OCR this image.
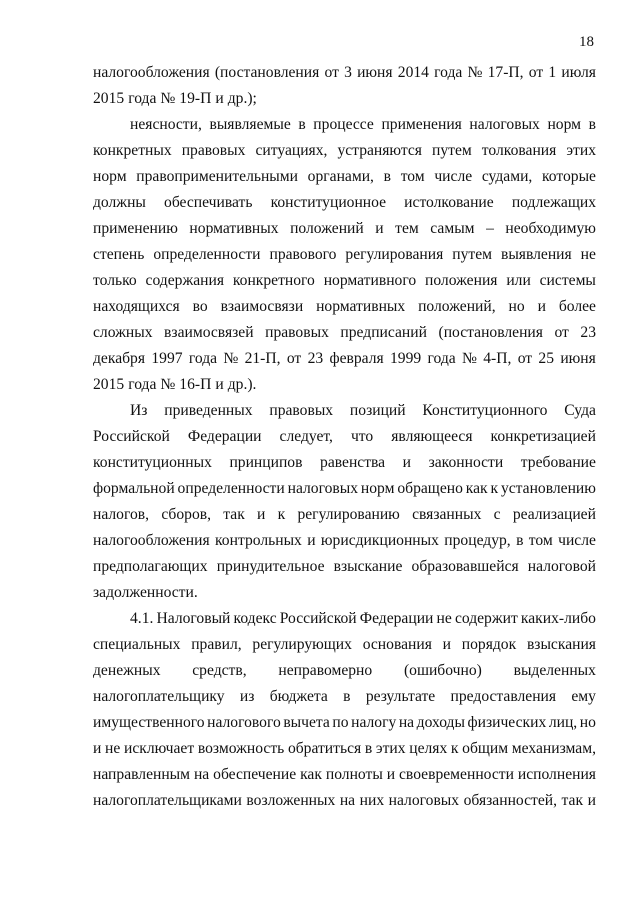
18
налогообложения (постановления от 3 июня 2014 года № 17-П, от 1 июля
2015 года № 19-П и др.);
неясности, выявляемые в процессе применения налоговых норм в
конкретных правовых ситуациях, устраняются путем толкования этих
норм правоприменительными органами, в том числе судами, которые
должны обеспечивать конституционное истолкование подлежащих
применению нормативных положений и тем самым – необходимую
степень определенности правового регулирования путем выявления не
только содержания конкретного нормативного положения или системы
находящихся во взаимосвязи нормативных положений, но и более
сложных взаимосвязей правовых предписаний (постановления от 23
декабря 1997 года № 21-П, от 23 февраля 1999 года № 4-П, от 25 июня
2015 года № 16-П и др.).
Из приведенных правовых позиций Конституционного Суда
Российской Федерации следует, что являющееся конкретизацией
конституционных принципов равенства и законности требование
формальной определенности налоговых норм обращено как к установлению
налогов, сборов, так и к регулированию связанных с реализацией
налогообложения контрольных и юрисдикционных процедур, в том числе
предполагающих принудительное взыскание образовавшейся налоговой
задолженности.
4.1. Налоговый кодекс Российской Федерации не содержит каких-либо
специальных правил, регулирующих основания и порядок взыскания
денежных средств, неправомерно (ошибочно) выделенных
налогоплательщику из бюджета в результате предоставления ему
имущественного налогового вычета по налогу на доходы физических лиц, но
и не исключает возможность обратиться в этих целях к общим механизмам,
направленным на обеспечение как полноты и своевременности исполнения
налогоплательщиками возложенных на них налоговых обязанностей, так и
